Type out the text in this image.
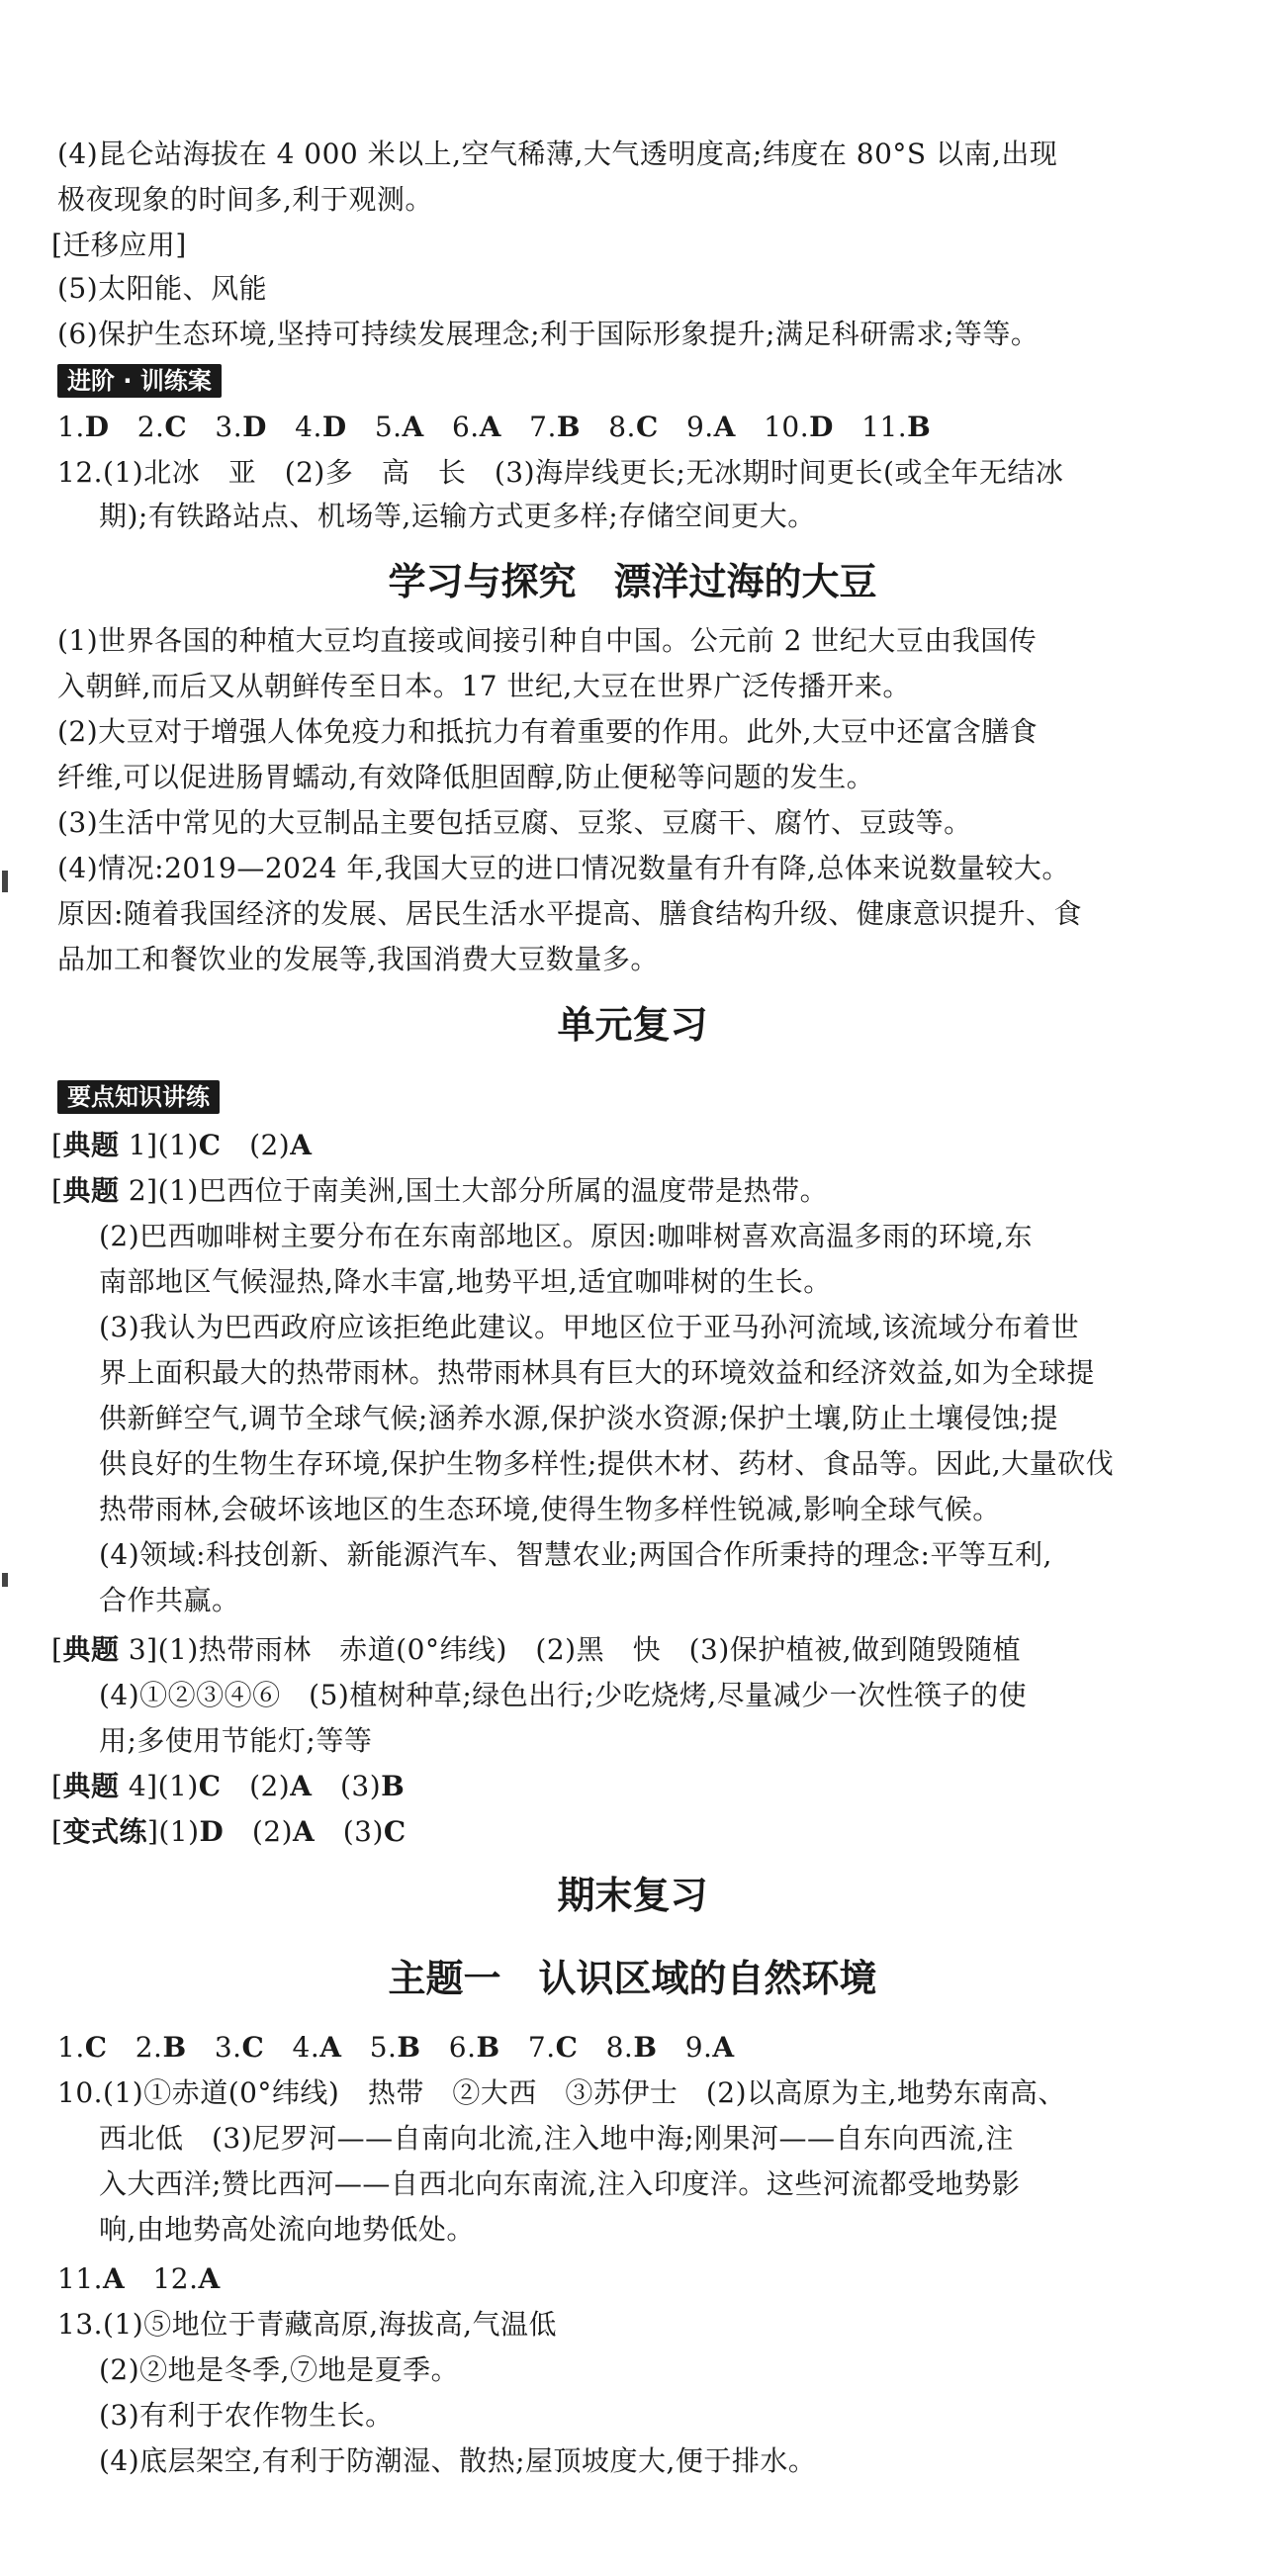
(4)昆仑站海拔在 4 000 米以上,空气稀薄,大气透明度高;纬度在 80°S 以南,出现
极夜现象的时间多,利于观测。
[迁移应用]
(5)太阳能、风能
(6)保护生态环境,坚持可持续发展理念;利于国际形象提升;满足科研需求;等等。
进阶 · 训练案
1.D 2.C 3.D 4.D 5.A 6.A 7.B 8.C 9.A 10.D 11.B
12.(1)北冰　亚　(2)多　高　长　(3)海岸线更长;无冰期时间更长(或全年无结冰
期);有铁路站点、机场等,运输方式更多样;存储空间更大。
学习与探究　漂洋过海的大豆
(1)世界各国的种植大豆均直接或间接引种自中国。公元前 2 世纪大豆由我国传
入朝鲜,而后又从朝鲜传至日本。17 世纪,大豆在世界广泛传播开来。
(2)大豆对于增强人体免疫力和抵抗力有着重要的作用。此外,大豆中还富含膳食
纤维,可以促进肠胃蠕动,有效降低胆固醇,防止便秘等问题的发生。
(3)生活中常见的大豆制品主要包括豆腐、豆浆、豆腐干、腐竹、豆豉等。
(4)情况:2019—2024 年,我国大豆的进口情况数量有升有降,总体来说数量较大。
原因:随着我国经济的发展、居民生活水平提高、膳食结构升级、健康意识提升、食
品加工和餐饮业的发展等,我国消费大豆数量多。
单元复习
要点知识讲练
[典题 1](1)C　(2)A
[典题 2](1)巴西位于南美洲,国土大部分所属的温度带是热带。
(2)巴西咖啡树主要分布在东南部地区。原因:咖啡树喜欢高温多雨的环境,东
南部地区气候湿热,降水丰富,地势平坦,适宜咖啡树的生长。
(3)我认为巴西政府应该拒绝此建议。甲地区位于亚马孙河流域,该流域分布着世
界上面积最大的热带雨林。热带雨林具有巨大的环境效益和经济效益,如为全球提
供新鲜空气,调节全球气候;涵养水源,保护淡水资源;保护土壤,防止土壤侵蚀;提
供良好的生物生存环境,保护生物多样性;提供木材、药材、食品等。因此,大量砍伐
热带雨林,会破坏该地区的生态环境,使得生物多样性锐减,影响全球气候。
(4)领域:科技创新、新能源汽车、智慧农业;两国合作所秉持的理念:平等互利,
合作共赢。
[典题 3](1)热带雨林　赤道(0°纬线)　(2)黑　快　(3)保护植被,做到随毁随植
(4)①②③④⑥　(5)植树种草;绿色出行;少吃烧烤,尽量减少一次性筷子的使
用;多使用节能灯;等等
[典题 4](1)C　(2)A　(3)B
[变式练](1)D　(2)A　(3)C
期末复习
主题一　认识区域的自然环境
1.C 2.B 3.C 4.A 5.B 6.B 7.C 8.B 9.A
10.(1)①赤道(0°纬线)　热带　②大西　③苏伊士　(2)以高原为主,地势东南高、
西北低　(3)尼罗河——自南向北流,注入地中海;刚果河——自东向西流,注
入大西洋;赞比西河——自西北向东南流,注入印度洋。这些河流都受地势影
响,由地势高处流向地势低处。
11.A 12.A
13.(1)⑤地位于青藏高原,海拔高,气温低
(2)②地是冬季,⑦地是夏季。
(3)有利于农作物生长。
(4)底层架空,有利于防潮湿、散热;屋顶坡度大,便于排水。
